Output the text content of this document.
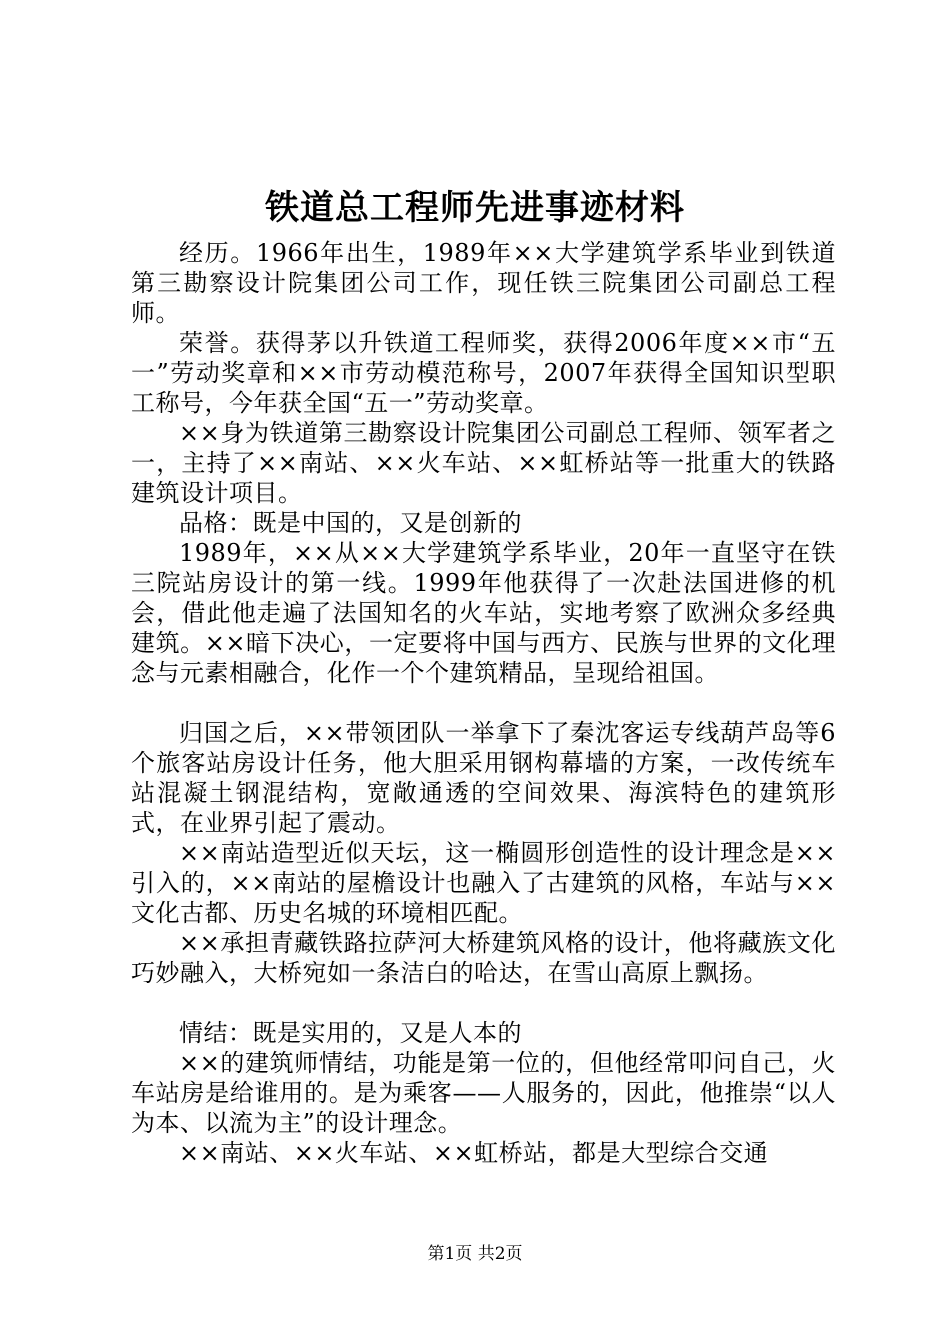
铁道总工程师先进事迹材料

经历。1966年出生，1989年××大学建筑学系毕业到铁道第三勘察设计院集团公司工作，现任铁三院集团公司副总工程师。

荣誉。获得茅以升铁道工程师奖，获得2006年度××市“五一”劳动奖章和××市劳动模范称号，2007年获得全国知识型职工称号，今年获全国“五一”劳动奖章。

××身为铁道第三勘察设计院集团公司副总工程师、领军者之一，主持了××南站、××火车站、××虹桥站等一批重大的铁路建筑设计项目。

品格：既是中国的，又是创新的

1989年，××从××大学建筑学系毕业，20年一直坚守在铁三院站房设计的第一线。1999年他获得了一次赴法国进修的机会，借此他走遍了法国知名的火车站，实地考察了欧洲众多经典建筑。××暗下决心，一定要将中国与西方、民族与世界的文化理念与元素相融合，化作一个个建筑精品，呈现给祖国。

归国之后，××带领团队一举拿下了秦沈客运专线葫芦岛等6个旅客站房设计任务，他大胆采用钢构幕墙的方案，一改传统车站混凝土钢混结构，宽敞通透的空间效果、海滨特色的建筑形式，在业界引起了震动。

××南站造型近似天坛，这一椭圆形创造性的设计理念是××引入的，××南站的屋檐设计也融入了古建筑的风格，车站与××文化古都、历史名城的环境相匹配。

××承担青藏铁路拉萨河大桥建筑风格的设计，他将藏族文化巧妙融入，大桥宛如一条洁白的哈达，在雪山高原上飘扬。

情结：既是实用的，又是人本的

××的建筑师情结，功能是第一位的，但他经常叩问自己，火车站房是给谁用的。是为乘客——人服务的，因此，他推崇“以人为本、以流为主”的设计理念。

××南站、××火车站、××虹桥站，都是大型综合交通

第1页 共2页
